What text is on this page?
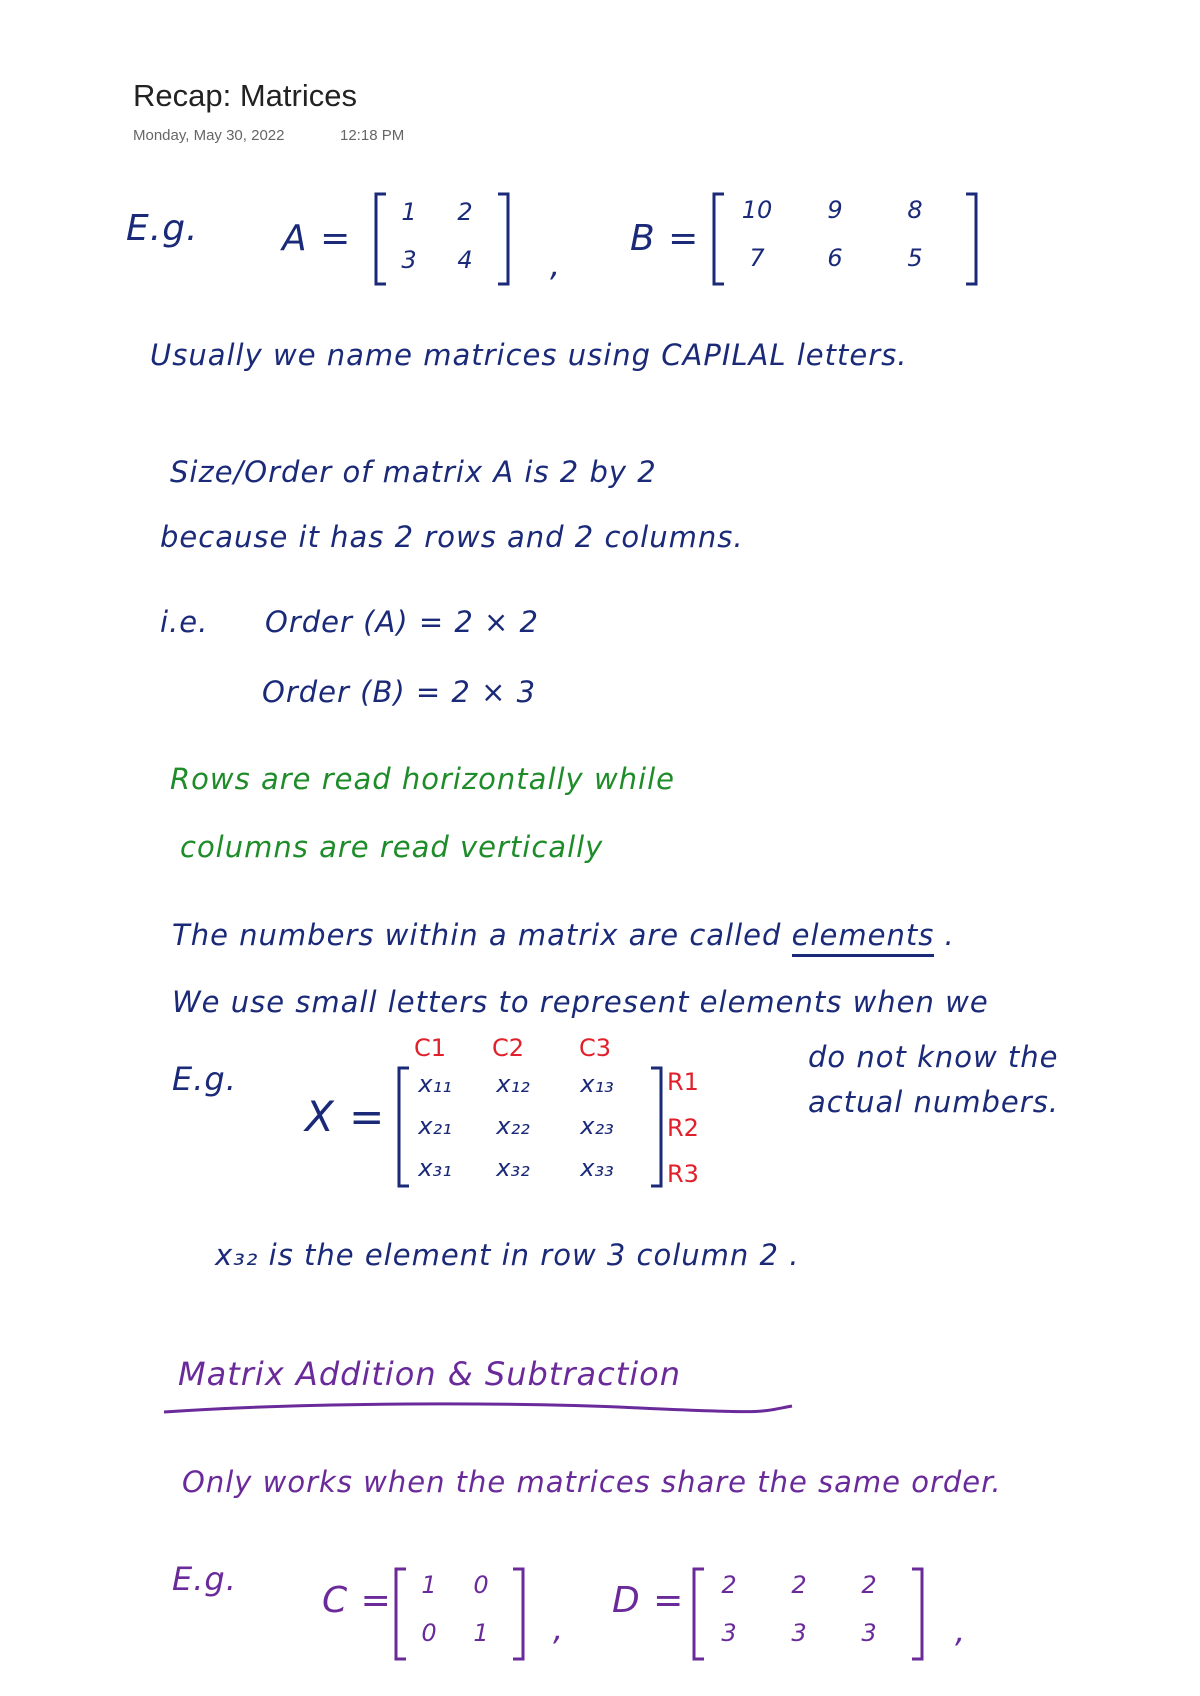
Recap: Matrices
Monday, May 30, 2022	12:18 PM
E.g. A =
1	2
3	4	,
B =
10	9	8
7	6	5
Usually we name matrices using CAPILAL letters.
Size/Order of matrix A is 2 by 2
because it has 2 rows and 2 columns.
i.e. Order (A) = 2 × 2
Order (B) = 2 × 3
Rows are read horizontally while
columns are read vertically
The numbers within a matrix are called elements .
We use small letters to represent elements when we
do not know the
actual numbers.
E.g.
X =
C1	C2	C3
x₁₁	x₁₂	x₁₃
x₂₁	x₂₂	x₂₃
x₃₁	x₃₂	x₃₃
R1
R2
R3
x₃₂ is the element in row 3 column 2 .
Matrix Addition & Subtraction
Only works when the matrices share the same order.
E.g.
C =	1	0
0	1	,
D =	2	2	2
3	3	3	,
